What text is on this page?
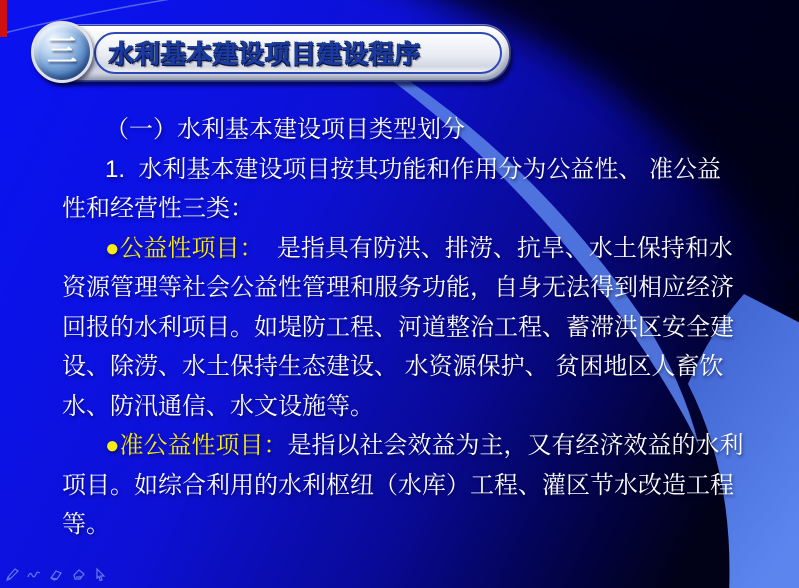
水利基本建设项目建设程序
三
（一）水利基本建设项目类型划分
1.  水利基本建设项目按其功能和作用分为公益性、 准公益
性和经营性三类：
●公益性项目：  是指具有防洪、排涝、抗旱、水土保持和水
资源管理等社会公益性管理和服务功能，自身无法得到相应经济
回报的水利项目。如堤防工程、河道整治工程、蓄滞洪区安全建
设、除涝、水土保持生态建设、 水资源保护、 贫困地区人畜饮
水、防汛通信、水文设施等。
●准公益性项目：是指以社会效益为主，又有经济效益的水利
项目。如综合利用的水利枢纽（水库）工程、灌区节水改造工程
等。
